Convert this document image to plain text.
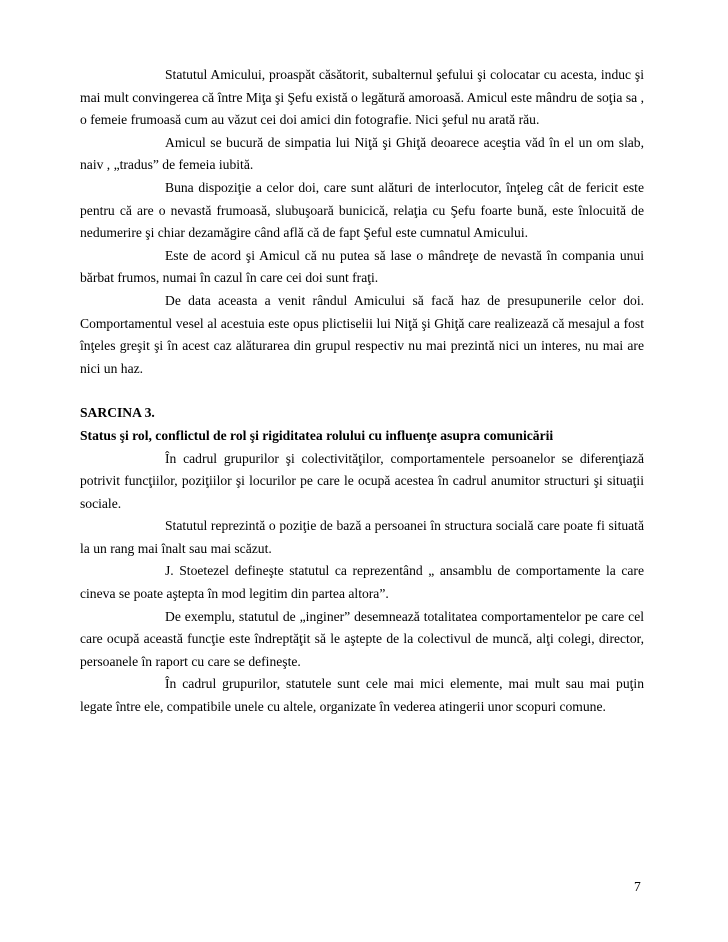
Statutul Amicului, proaspăt căsătorit, subalternul şefului şi colocatar cu acesta, induc şi mai mult convingerea că între Miţa şi Şefu există o legătură amoroasă. Amicul este mândru de soţia sa , o femeie frumoasă cum au văzut cei doi amici din fotografie. Nici şeful nu arată rău.

Amicul se bucură de simpatia lui Niţă şi Ghiţă deoarece aceştia văd în el un om slab, naiv , „tradus” de femeia iubită.

Buna dispoziţie a celor doi, care sunt alături de interlocutor, înţeleg cât de fericit este pentru că are o nevastă frumoasă, slubuşoară bunicică, relaţia cu Şefu foarte bună, este înlocuită de nedumerire şi chiar dezamăgire când află că de fapt Şeful este cumnatul Amicului.

Este de acord şi Amicul că nu putea să lase o mândreţe de nevastă în compania unui bărbat frumos, numai în cazul în care cei doi sunt fraţi.

De data aceasta a venit rândul Amicului să facă haz de presupunerile celor doi. Comportamentul vesel al acestuia este opus plictiselii lui Niţă şi Ghiţă care realizează că mesajul a fost înţeles greşit şi în acest caz alăturarea din grupul respectiv nu mai prezintă nici un interes, nu mai are nici un haz.

SARCINA 3.

Status şi rol, conflictul de rol şi rigiditatea rolului cu influenţe asupra comunicării

În cadrul grupurilor şi colectivităţilor, comportamentele persoanelor se diferenţiază potrivit funcţiilor, poziţiilor şi locurilor pe care le ocupă acestea în cadrul anumitor structuri şi situaţii sociale.

Statutul reprezintă o poziţie de bază a persoanei în structura socială care poate fi situată la un rang mai înalt sau mai scăzut.

J. Stoetezel defineşte statutul ca reprezentând „ ansamblu de comportamente la care cineva se poate aştepta în mod legitim din partea altora”.

De exemplu, statutul de „inginer” desemnează totalitatea comportamentelor pe care cel care ocupă această funcţie este îndreptăţit să le aştepte de la colectivul de muncă, alţi colegi, director, persoanele în raport cu care se defineşte.

În cadrul grupurilor, statutele sunt cele mai mici elemente, mai mult sau mai puţin legate între ele, compatibile unele cu altele, organizate în vederea atingerii unor scopuri comune.

7
